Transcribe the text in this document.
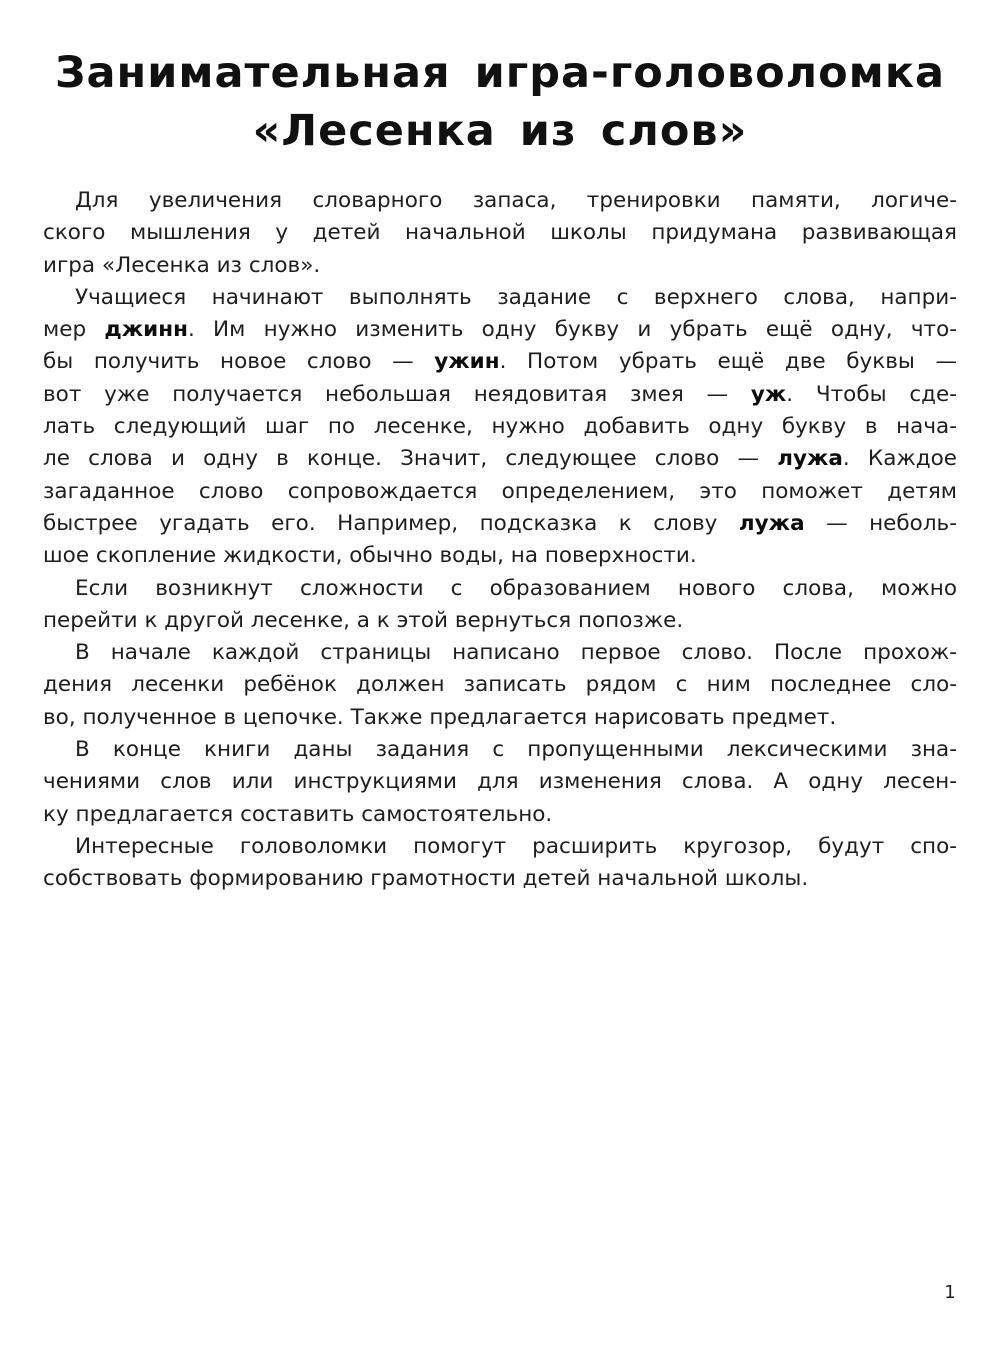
Занимательная игра-головоломка
«Лесенка из слов»
Для увеличения словарного запаса, тренировки памяти, логиче-
ского мышления у детей начальной школы придумана развивающая
игра «Лесенка из слов».
Учащиеся начинают выполнять задание с верхнего слова, напри-
мер джинн. Им нужно изменить одну букву и убрать ещё одну, что-
бы получить новое слово — ужин. Потом убрать ещё две буквы —
вот уже получается небольшая неядовитая змея — уж. Чтобы сде-
лать следующий шаг по лесенке, нужно добавить одну букву в нача-
ле слова и одну в конце. Значит, следующее слово — лужа. Каждое
загаданное слово сопровождается определением, это поможет детям
быстрее угадать его. Например, подсказка к слову лужа — неболь-
шое скопление жидкости, обычно воды, на поверхности.
Если возникнут сложности с образованием нового слова, можно
перейти к другой лесенке, а к этой вернуться попозже.
В начале каждой страницы написано первое слово. После прохож-
дения лесенки ребёнок должен записать рядом с ним последнее сло-
во, полученное в цепочке. Также предлагается нарисовать предмет.
В конце книги даны задания с пропущенными лексическими зна-
чениями слов или инструкциями для изменения слова. А одну лесен-
ку предлагается составить самостоятельно.
Интересные головоломки помогут расширить кругозор, будут спо-
собствовать формированию грамотности детей начальной школы.
1
